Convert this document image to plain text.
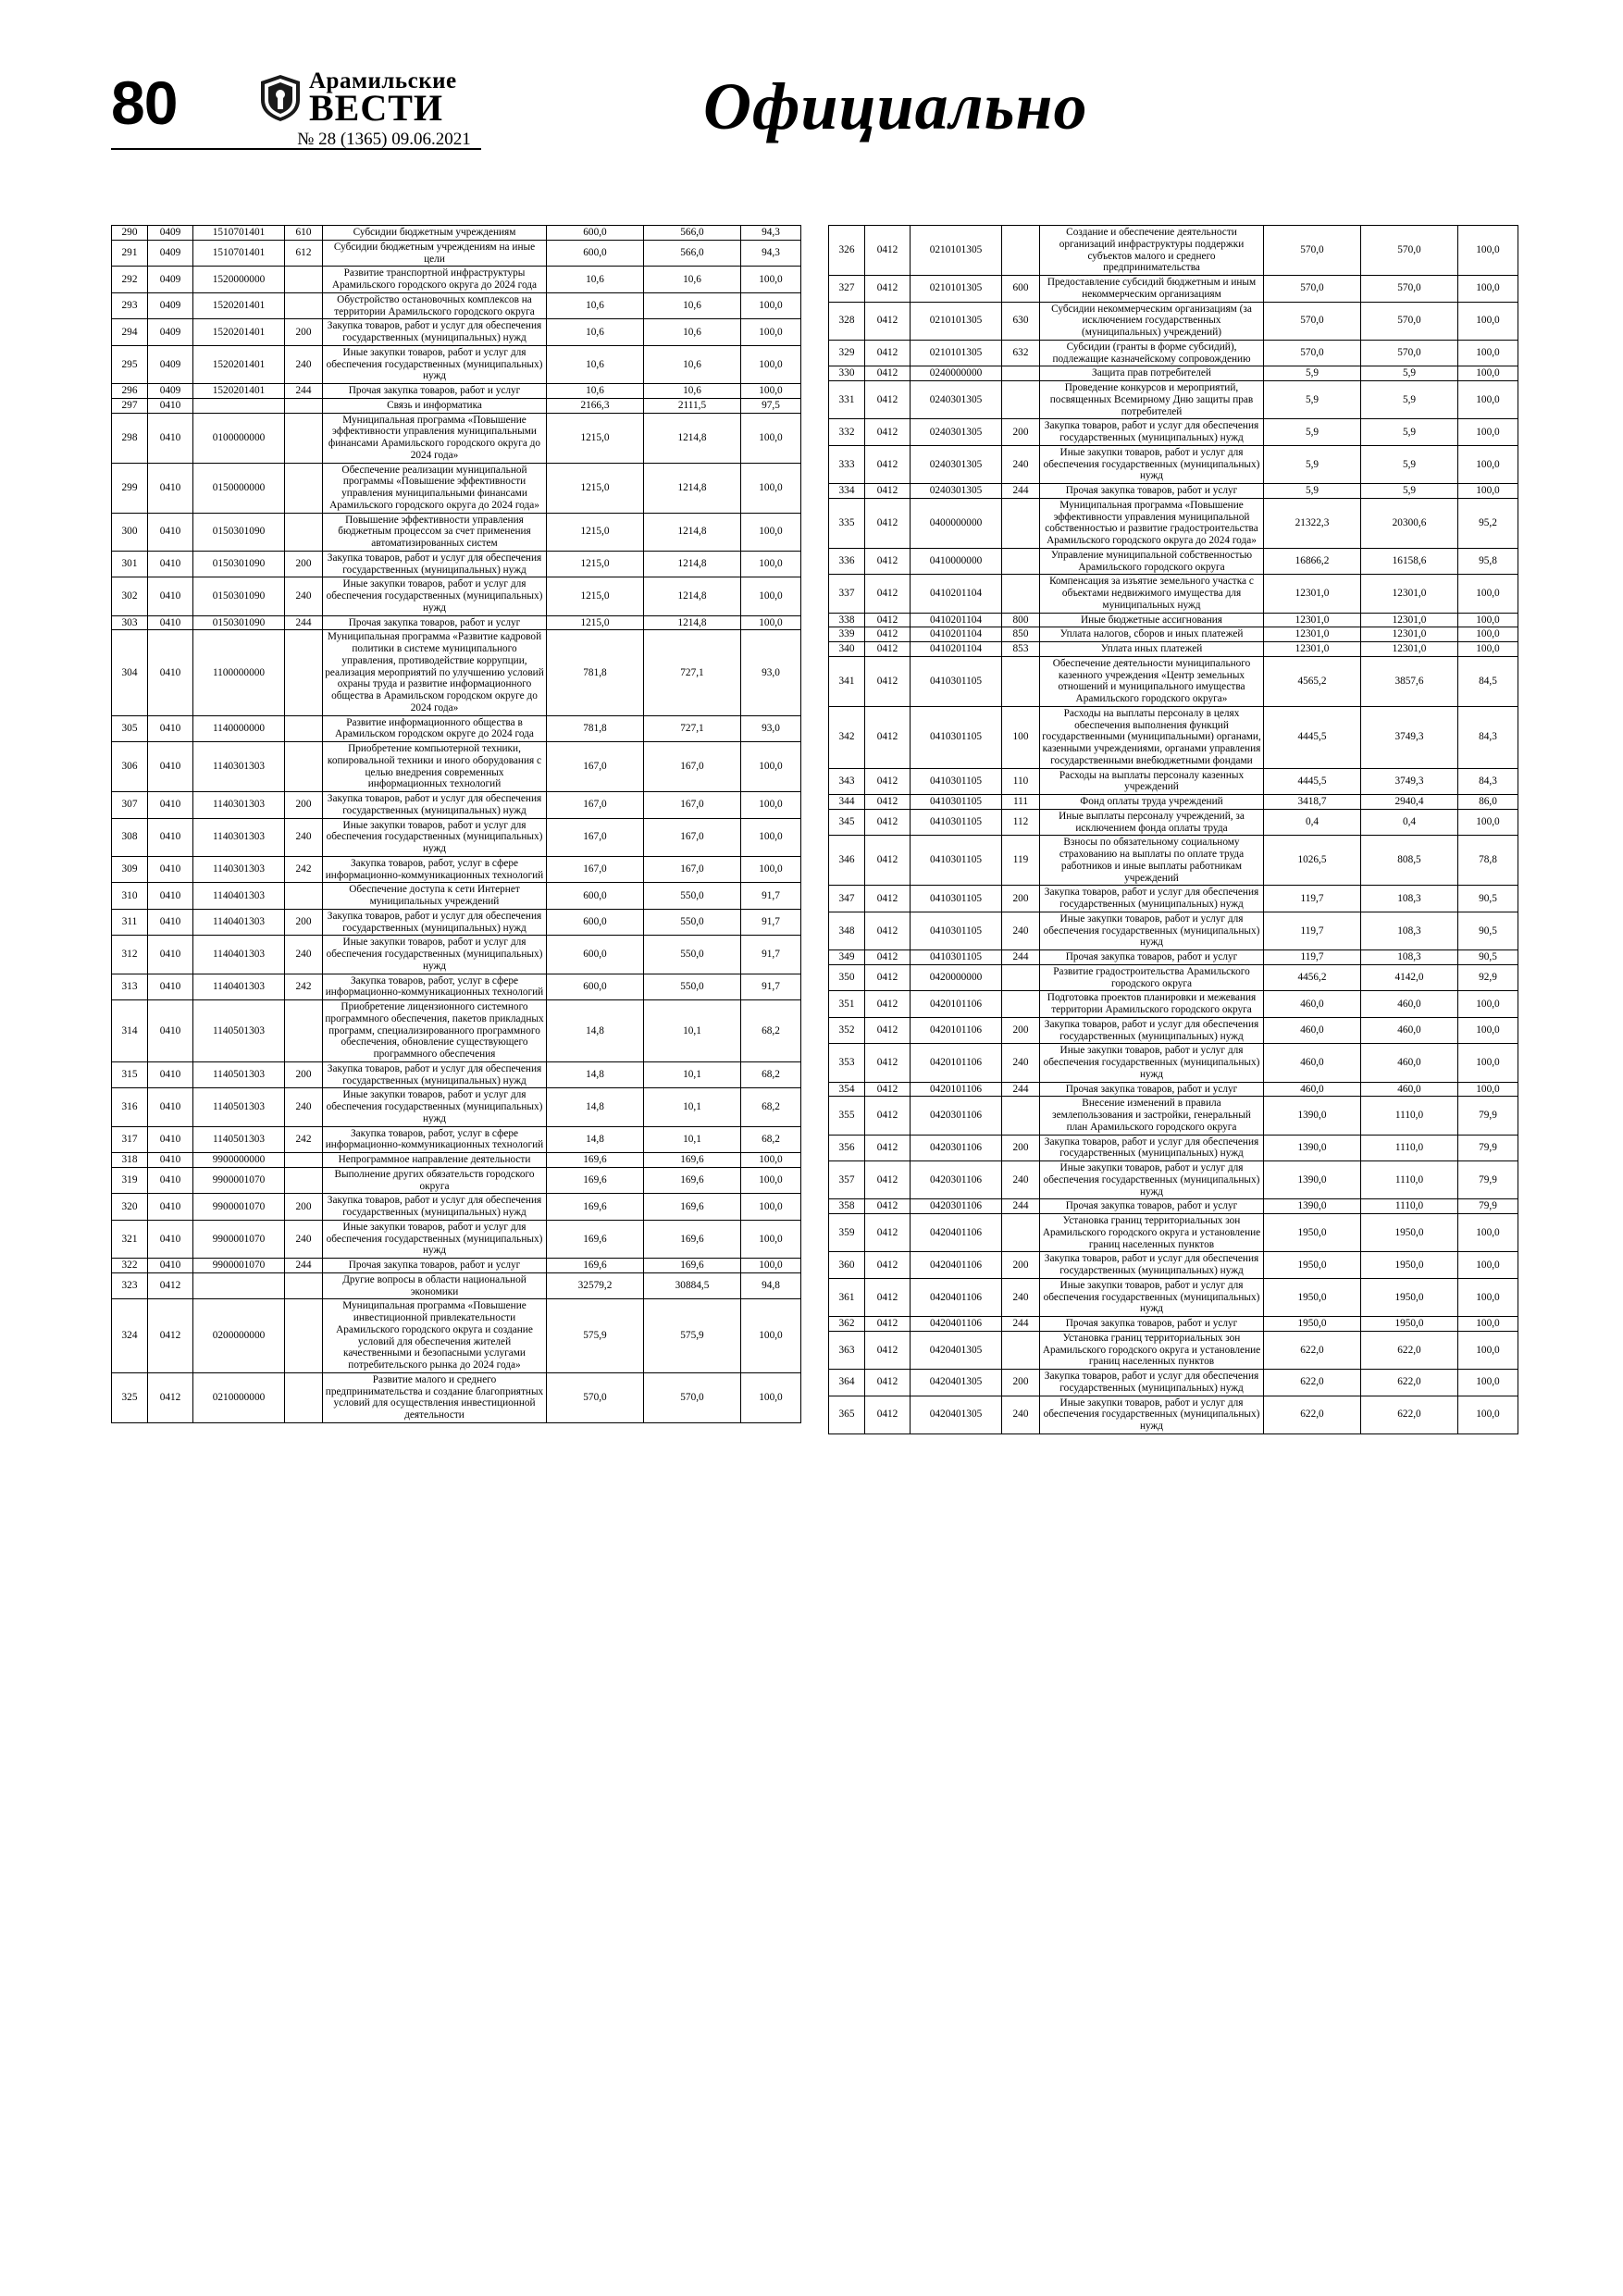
80	Арамильские
ВЕСТИ
№ 28 (1365) 09.06.2021	Официально
290	0409	1510701401	610	Субсидии бюджетным учреждениям	600,0	566,0	94,3
291	0409	1510701401	612	Субсидии бюджетным учреждениям на иные цели	600,0	566,0	94,3
292	0409	1520000000		Развитие транспортной инфраструктуры Арамильского городского округа до 2024 года	10,6	10,6	100,0
293	0409	1520201401		Обустройство остановочных комплексов на территории Арамильского городского округа	10,6	10,6	100,0
294	0409	1520201401	200	Закупка товаров, работ и услуг для обеспечения государственных (муниципальных) нужд	10,6	10,6	100,0
295	0409	1520201401	240	Иные закупки товаров, работ и услуг для обеспечения государственных (муниципальных) нужд	10,6	10,6	100,0
296	0409	1520201401	244	Прочая закупка товаров, работ и услуг	10,6	10,6	100,0
297	0410			Связь и информатика	2166,3	2111,5	97,5
298	0410	0100000000		Муниципальная программа «Повышение эффективности управления муниципальными финансами Арамильского городского округа до 2024 года»	1215,0	1214,8	100,0
299	0410	0150000000		Обеспечение реализации муниципальной программы «Повышение эффективности управления муниципальными финансами Арамильского городского округа до 2024 года»	1215,0	1214,8	100,0
300	0410	0150301090		Повышение эффективности управления бюджетным процессом за счет применения автоматизированных систем	1215,0	1214,8	100,0
301	0410	0150301090	200	Закупка товаров, работ и услуг для обеспечения государственных (муниципальных) нужд	1215,0	1214,8	100,0
302	0410	0150301090	240	Иные закупки товаров, работ и услуг для обеспечения государственных (муниципальных) нужд	1215,0	1214,8	100,0
303	0410	0150301090	244	Прочая закупка товаров, работ и услуг	1215,0	1214,8	100,0
304	0410	1100000000		Муниципальная программа «Развитие кадровой политики в системе муниципального управления, противодействие коррупции, реализация мероприятий по улучшению условий охраны труда и развитие информационного общества в Арамильском городском округе до 2024 года»	781,8	727,1	93,0
305	0410	1140000000		Развитие информационного общества в Арамильском городском округе до 2024 года	781,8	727,1	93,0
306	0410	1140301303		Приобретение компьютерной техники, копировальной техники и иного оборудования с целью внедрения современных информационных технологий	167,0	167,0	100,0
307	0410	1140301303	200	Закупка товаров, работ и услуг для обеспечения государственных (муниципальных) нужд	167,0	167,0	100,0
308	0410	1140301303	240	Иные закупки товаров, работ и услуг для обеспечения государственных (муниципальных) нужд	167,0	167,0	100,0
309	0410	1140301303	242	Закупка товаров, работ, услуг в сфере информационно-коммуникационных технологий	167,0	167,0	100,0
310	0410	1140401303		Обеспечение доступа к сети Интернет муниципальных учреждений	600,0	550,0	91,7
311	0410	1140401303	200	Закупка товаров, работ и услуг для обеспечения государственных (муниципальных) нужд	600,0	550,0	91,7
312	0410	1140401303	240	Иные закупки товаров, работ и услуг для обеспечения государственных (муниципальных) нужд	600,0	550,0	91,7
313	0410	1140401303	242	Закупка товаров, работ, услуг в сфере информационно-коммуникационных технологий	600,0	550,0	91,7
314	0410	1140501303		Приобретение лицензионного системного программного обеспечения, пакетов прикладных программ, специализированного программного обеспечения, обновление существующего программного обеспечения	14,8	10,1	68,2
315	0410	1140501303	200	Закупка товаров, работ и услуг для обеспечения государственных (муниципальных) нужд	14,8	10,1	68,2
316	0410	1140501303	240	Иные закупки товаров, работ и услуг для обеспечения государственных (муниципальных) нужд	14,8	10,1	68,2
317	0410	1140501303	242	Закупка товаров, работ, услуг в сфере информационно-коммуникационных технологий	14,8	10,1	68,2
318	0410	9900000000		Непрограммное направление деятельности	169,6	169,6	100,0
319	0410	9900001070		Выполнение других обязательств городского округа	169,6	169,6	100,0
320	0410	9900001070	200	Закупка товаров, работ и услуг для обеспечения государственных (муниципальных) нужд	169,6	169,6	100,0
321	0410	9900001070	240	Иные закупки товаров, работ и услуг для обеспечения государственных (муниципальных) нужд	169,6	169,6	100,0
322	0410	9900001070	244	Прочая закупка товаров, работ и услуг	169,6	169,6	100,0
323	0412			Другие вопросы в области национальной экономики	32579,2	30884,5	94,8
324	0412	0200000000		Муниципальная программа «Повышение инвестиционной привлекательности Арамильского городского округа и создание условий для обеспечения жителей качественными и безопасными услугами потребительского рынка до 2024 года»	575,9	575,9	100,0
325	0412	0210000000		Развитие малого и среднего предпринимательства и создание благоприятных условий для осуществления инвестиционной деятельности	570,0	570,0	100,0
326	0412	0210101305		Создание и обеспечение деятельности организаций инфраструктуры поддержки субъектов малого и среднего предпринимательства	570,0	570,0	100,0
327	0412	0210101305	600	Предоставление субсидий бюджетным и иным некоммерческим организациям	570,0	570,0	100,0
328	0412	0210101305	630	Субсидии некоммерческим организациям (за исключением государственных (муниципальных) учреждений)	570,0	570,0	100,0
329	0412	0210101305	632	Субсидии (гранты в форме субсидий), подлежащие казначейскому сопровождению	570,0	570,0	100,0
330	0412	0240000000		Защита прав потребителей	5,9	5,9	100,0
331	0412	0240301305		Проведение конкурсов и мероприятий, посвященных Всемирному Дню защиты прав потребителей	5,9	5,9	100,0
332	0412	0240301305	200	Закупка товаров, работ и услуг для обеспечения государственных (муниципальных) нужд	5,9	5,9	100,0
333	0412	0240301305	240	Иные закупки товаров, работ и услуг для обеспечения государственных (муниципальных) нужд	5,9	5,9	100,0
334	0412	0240301305	244	Прочая закупка товаров, работ и услуг	5,9	5,9	100,0
335	0412	0400000000		Муниципальная программа «Повышение эффективности управления муниципальной собственностью и развитие градостроительства Арамильского городского округа до 2024 года»	21322,3	20300,6	95,2
336	0412	0410000000		Управление муниципальной собственностью Арамильского городского округа	16866,2	16158,6	95,8
337	0412	0410201104		Компенсация за изъятие земельного участка с объектами недвижимого имущества для муниципальных нужд	12301,0	12301,0	100,0
338	0412	0410201104	800	Иные бюджетные ассигнования	12301,0	12301,0	100,0
339	0412	0410201104	850	Уплата налогов, сборов и иных платежей	12301,0	12301,0	100,0
340	0412	0410201104	853	Уплата иных платежей	12301,0	12301,0	100,0
341	0412	0410301105		Обеспечение деятельности муниципального казенного учреждения «Центр земельных отношений и муниципального имущества Арамильского городского округа»	4565,2	3857,6	84,5
342	0412	0410301105	100	Расходы на выплаты персоналу в целях обеспечения выполнения функций государственными (муниципальными) органами, казенными учреждениями, органами управления государственными внебюджетными фондами	4445,5	3749,3	84,3
343	0412	0410301105	110	Расходы на выплаты персоналу казенных учреждений	4445,5	3749,3	84,3
344	0412	0410301105	111	Фонд оплаты труда учреждений	3418,7	2940,4	86,0
345	0412	0410301105	112	Иные выплаты персоналу учреждений, за исключением фонда оплаты труда	0,4	0,4	100,0
346	0412	0410301105	119	Взносы по обязательному социальному страхованию на выплаты по оплате труда работников и иные выплаты работникам учреждений	1026,5	808,5	78,8
347	0412	0410301105	200	Закупка товаров, работ и услуг для обеспечения государственных (муниципальных) нужд	119,7	108,3	90,5
348	0412	0410301105	240	Иные закупки товаров, работ и услуг для обеспечения государственных (муниципальных) нужд	119,7	108,3	90,5
349	0412	0410301105	244	Прочая закупка товаров, работ и услуг	119,7	108,3	90,5
350	0412	0420000000		Развитие градостроительства Арамильского городского округа	4456,2	4142,0	92,9
351	0412	0420101106		Подготовка проектов планировки и межевания территории Арамильского городского округа	460,0	460,0	100,0
352	0412	0420101106	200	Закупка товаров, работ и услуг для обеспечения государственных (муниципальных) нужд	460,0	460,0	100,0
353	0412	0420101106	240	Иные закупки товаров, работ и услуг для обеспечения государственных (муниципальных) нужд	460,0	460,0	100,0
354	0412	0420101106	244	Прочая закупка товаров, работ и услуг	460,0	460,0	100,0
355	0412	0420301106		Внесение изменений в правила землепользования и застройки, генеральный план Арамильского городского округа	1390,0	1110,0	79,9
356	0412	0420301106	200	Закупка товаров, работ и услуг для обеспечения государственных (муниципальных) нужд	1390,0	1110,0	79,9
357	0412	0420301106	240	Иные закупки товаров, работ и услуг для обеспечения государственных (муниципальных) нужд	1390,0	1110,0	79,9
358	0412	0420301106	244	Прочая закупка товаров, работ и услуг	1390,0	1110,0	79,9
359	0412	0420401106		Установка границ территориальных зон Арамильского городского округа и установление границ населенных пунктов	1950,0	1950,0	100,0
360	0412	0420401106	200	Закупка товаров, работ и услуг для обеспечения государственных (муниципальных) нужд	1950,0	1950,0	100,0
361	0412	0420401106	240	Иные закупки товаров, работ и услуг для обеспечения государственных (муниципальных) нужд	1950,0	1950,0	100,0
362	0412	0420401106	244	Прочая закупка товаров, работ и услуг	1950,0	1950,0	100,0
363	0412	0420401305		Установка границ территориальных зон Арамильского городского округа и установление границ населенных пунктов	622,0	622,0	100,0
364	0412	0420401305	200	Закупка товаров, работ и услуг для обеспечения государственных (муниципальных) нужд	622,0	622,0	100,0
365	0412	0420401305	240	Иные закупки товаров, работ и услуг для обеспечения государственных (муниципальных) нужд	622,0	622,0	100,0
